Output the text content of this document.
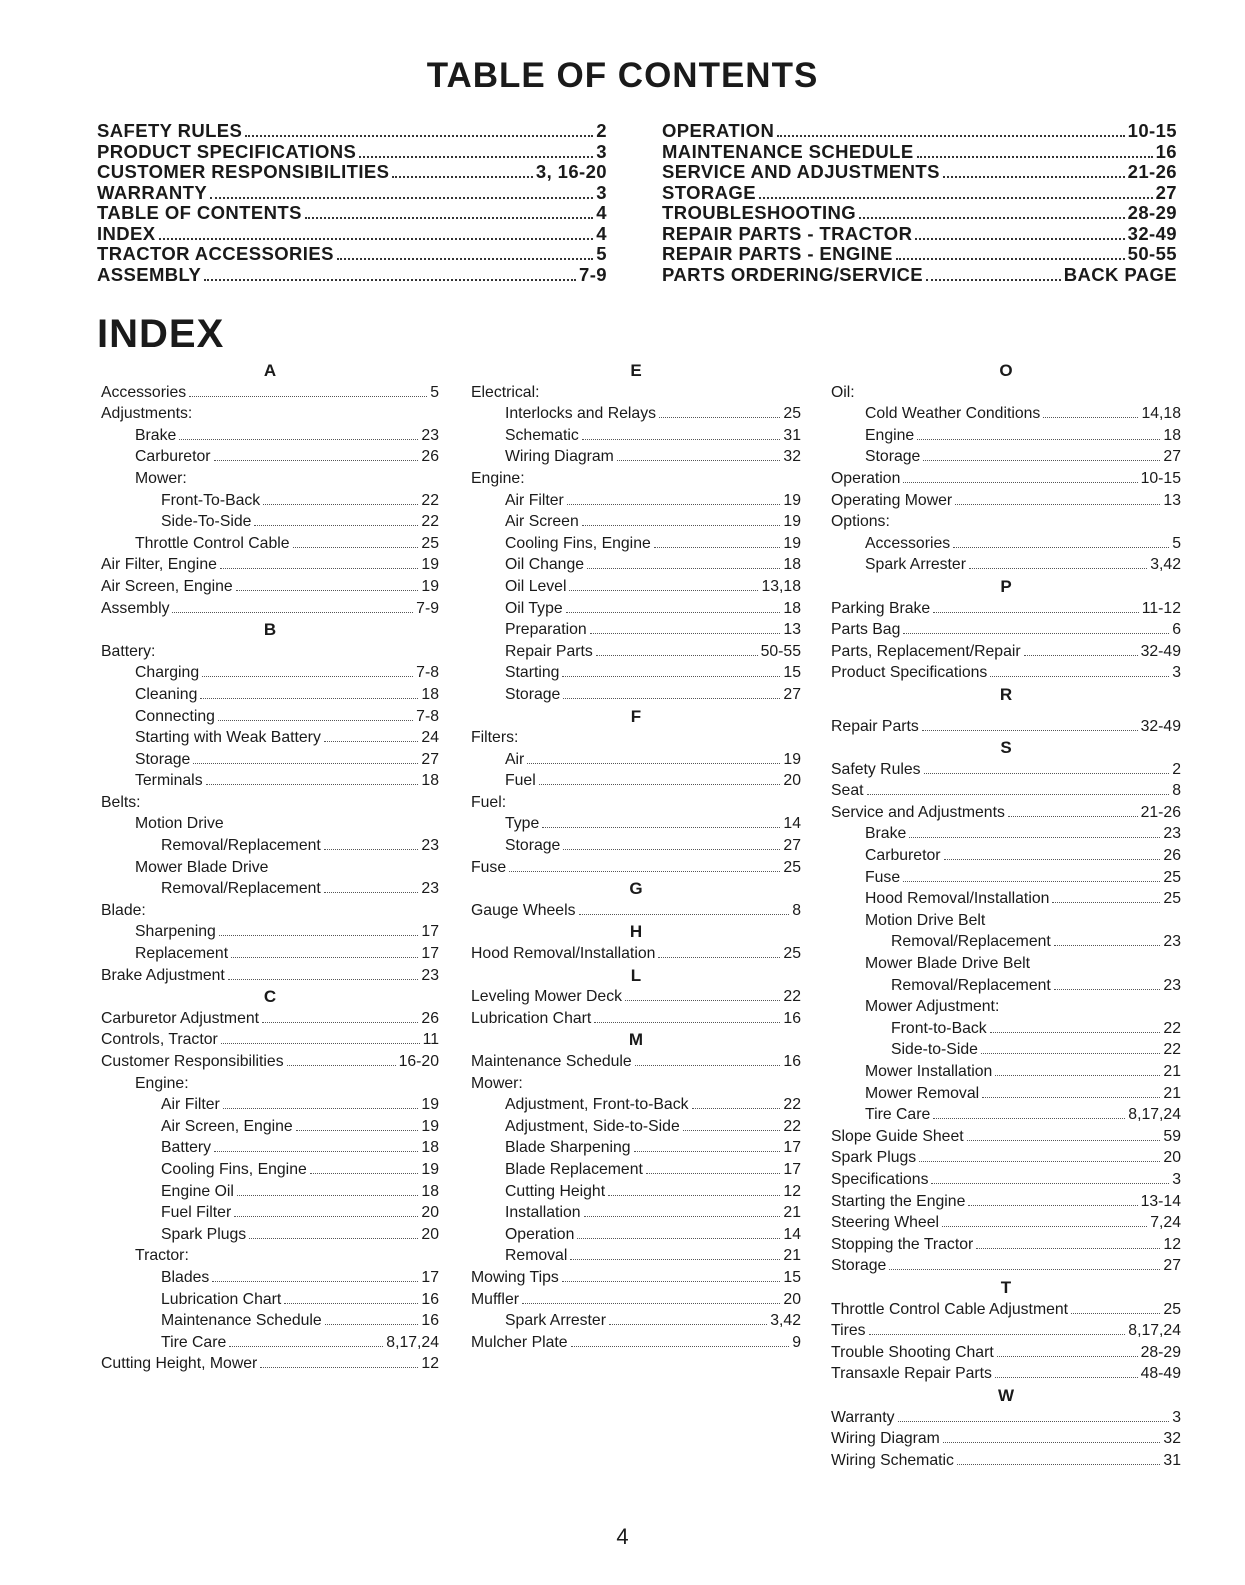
TABLE OF CONTENTS
SAFETY RULES	2
PRODUCT SPECIFICATIONS	3
CUSTOMER RESPONSIBILITIES	3, 16-20
WARRANTY	3
TABLE OF CONTENTS	4
INDEX	4
TRACTOR ACCESSORIES	5
ASSEMBLY	7-9
OPERATION	10-15
MAINTENANCE SCHEDULE	16
SERVICE AND ADJUSTMENTS	21-26
STORAGE	27
TROUBLESHOOTING	28-29
REPAIR PARTS - TRACTOR	32-49
REPAIR PARTS - ENGINE	50-55
PARTS ORDERING/SERVICE	BACK PAGE
INDEX
A
Accessories	5
Adjustments:
Brake	23
Carburetor	26
Mower:
Front-To-Back	22
Side-To-Side	22
Throttle Control Cable	25
Air Filter, Engine	19
Air Screen, Engine	19
Assembly	7-9
B
Battery:
Charging	7-8
Cleaning	18
Connecting	7-8
Starting with Weak Battery	24
Storage	27
Terminals	18
Belts:
Motion Drive
Removal/Replacement	23
Mower Blade Drive
Removal/Replacement	23
Blade:
Sharpening	17
Replacement	17
Brake Adjustment	23
C
Carburetor Adjustment	26
Controls, Tractor	11
Customer Responsibilities	16-20
Engine:
Air Filter	19
Air Screen, Engine	19
Battery	18
Cooling Fins, Engine	19
Engine Oil	18
Fuel Filter	20
Spark Plugs	20
Tractor:
Blades	17
Lubrication Chart	16
Maintenance Schedule	16
Tire Care	8,17,24
Cutting Height, Mower	12
E
Electrical:
Interlocks and Relays	25
Schematic	31
Wiring Diagram	32
Engine:
Air Filter	19
Air Screen	19
Cooling Fins, Engine	19
Oil Change	18
Oil Level	13,18
Oil Type	18
Preparation	13
Repair Parts	50-55
Starting	15
Storage	27
F
Filters:
Air	19
Fuel	20
Fuel:
Type	14
Storage	27
Fuse	25
G
Gauge Wheels	8
H
Hood Removal/Installation	25
L
Leveling Mower Deck	22
Lubrication Chart	16
M
Maintenance Schedule	16
Mower:
Adjustment, Front-to-Back	22
Adjustment, Side-to-Side	22
Blade Sharpening	17
Blade Replacement	17
Cutting Height	12
Installation	21
Operation	14
Removal	21
Mowing Tips	15
Muffler	20
Spark Arrester	3,42
Mulcher Plate	9
O
Oil:
Cold Weather Conditions	14,18
Engine	18
Storage	27
Operation	10-15
Operating Mower	13
Options:
Accessories	5
Spark Arrester	3,42
P
Parking Brake	11-12
Parts Bag	6
Parts, Replacement/Repair	32-49
Product Specifications	3
R
Repair Parts	32-49
S
Safety Rules	2
Seat	8
Service and Adjustments	21-26
Brake	23
Carburetor	26
Fuse	25
Hood Removal/Installation	25
Motion Drive Belt
Removal/Replacement	23
Mower Blade Drive Belt
Removal/Replacement	23
Mower Adjustment:
Front-to-Back	22
Side-to-Side	22
Mower Installation	21
Mower Removal	21
Tire Care	8,17,24
Slope Guide Sheet	59
Spark Plugs	20
Specifications	3
Starting the Engine	13-14
Steering Wheel	7,24
Stopping the Tractor	12
Storage	27
T
Throttle Control Cable Adjustment	25
Tires	8,17,24
Trouble Shooting Chart	28-29
Transaxle Repair Parts	48-49
W
Warranty	3
Wiring Diagram	32
Wiring Schematic	31
4
